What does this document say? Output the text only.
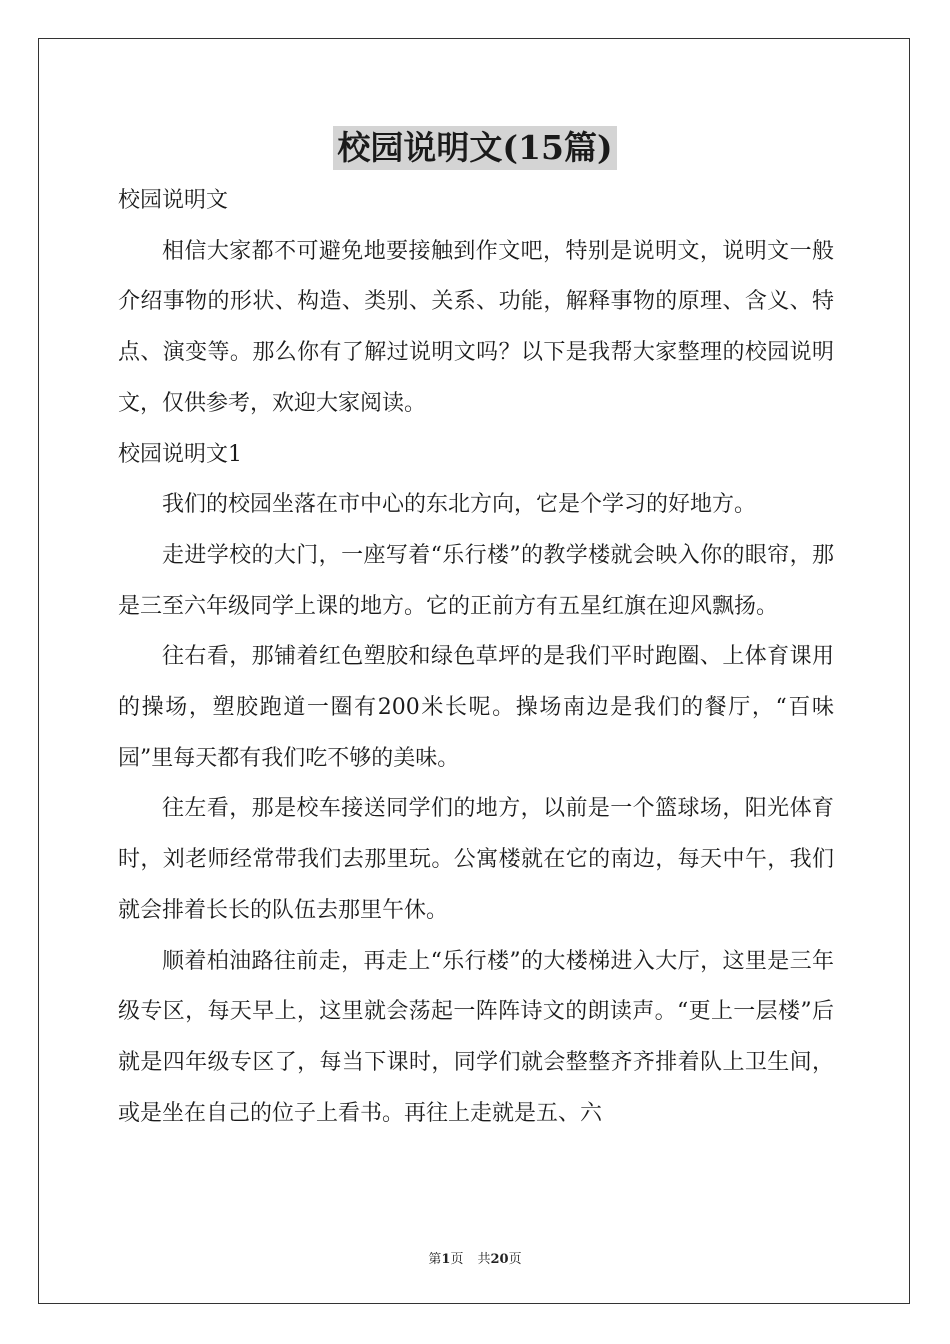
校园说明文(15篇)

校园说明文

相信大家都不可避免地要接触到作文吧，特别是说明文，说明文一般介绍事物的形状、构造、类别、关系、功能，解释事物的原理、含义、特点、演变等。那么你有了解过说明文吗？以下是我帮大家整理的校园说明文，仅供参考，欢迎大家阅读。

校园说明文1

我们的校园坐落在市中心的东北方向，它是个学习的好地方。

走进学校的大门，一座写着“乐行楼”的教学楼就会映入你的眼帘，那是三至六年级同学上课的地方。它的正前方有五星红旗在迎风飘扬。

往右看，那铺着红色塑胶和绿色草坪的是我们平时跑圈、上体育课用的操场，塑胶跑道一圈有200米长呢。操场南边是我们的餐厅，“百味园”里每天都有我们吃不够的美味。

往左看，那是校车接送同学们的地方，以前是一个篮球场，阳光体育时，刘老师经常带我们去那里玩。公寓楼就在它的南边，每天中午，我们就会排着长长的队伍去那里午休。

顺着柏油路往前走，再走上“乐行楼”的大楼梯进入大厅，这里是三年级专区，每天早上，这里就会荡起一阵阵诗文的朗读声。“更上一层楼”后就是四年级专区了，每当下课时，同学们就会整整齐齐排着队上卫生间，或是坐在自己的位子上看书。再往上走就是五、六

第1页 共20页
